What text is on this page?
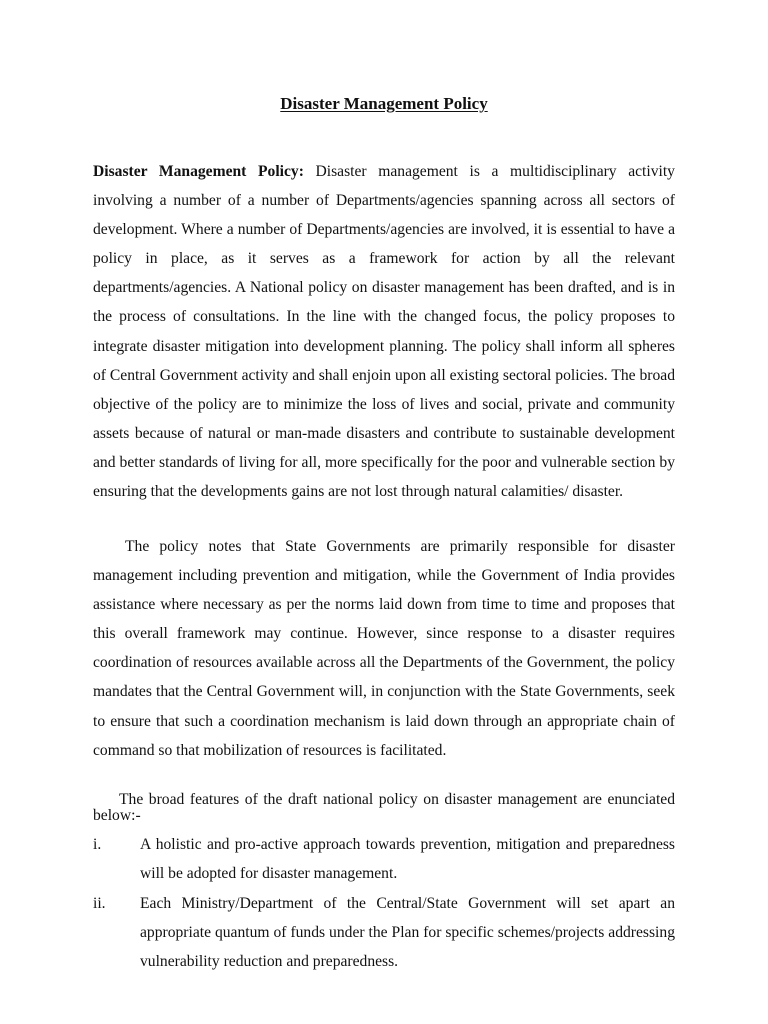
Disaster Management Policy

Disaster Management Policy: Disaster management is a multidisciplinary activity involving a number of a number of Departments/agencies spanning across all sectors of development. Where a number of Departments/agencies are involved, it is essential to have a policy in place, as it serves as a framework for action by all the relevant departments/agencies. A National policy on disaster management has been drafted, and is in the process of consultations. In the line with the changed focus, the policy proposes to integrate disaster mitigation into development planning. The policy shall inform all spheres of Central Government activity and shall enjoin upon all existing sectoral policies. The broad objective of the policy are to minimize the loss of lives and social, private and community assets because of natural or man-made disasters and contribute to sustainable development and better standards of living for all, more specifically for the poor and vulnerable section by ensuring that the developments gains are not lost through natural calamities/ disaster.

The policy notes that State Governments are primarily responsible for disaster management including prevention and mitigation, while the Government of India provides assistance where necessary as per the norms laid down from time to time and proposes that this overall framework may continue. However, since response to a disaster requires coordination of resources available across all the Departments of the Government, the policy mandates that the Central Government will, in conjunction with the State Governments, seek to ensure that such a coordination mechanism is laid down through an appropriate chain of command so that mobilization of resources is facilitated.

The broad features of the draft national policy on disaster management are enunciated below:-

i.	A holistic and pro-active approach towards prevention, mitigation and preparedness will be adopted for disaster management.
ii.	Each Ministry/Department of the Central/State Government will set apart an appropriate quantum of funds under the Plan for specific schemes/projects addressing vulnerability reduction and preparedness.
